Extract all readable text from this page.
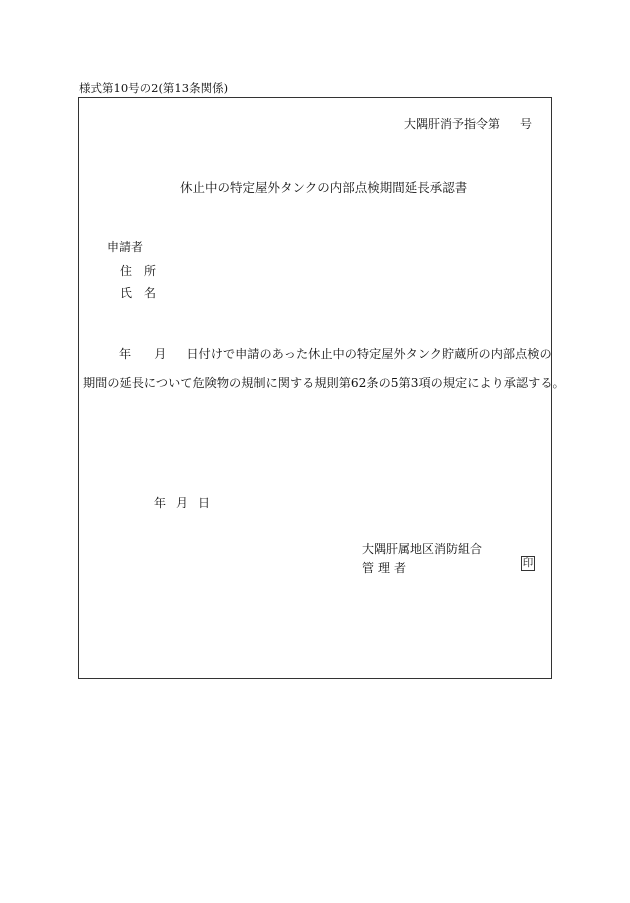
様式第10号の2(第13条関係)
大隅肝消予指令第 号
休止中の特定屋外タンクの内部点検期間延長承認書
申請者
住　所
氏　名
年 月 日付けで申請のあった休止中の特定屋外タンク貯蔵所の内部点検の
期間の延長について危険物の規制に関する規則第62条の5第3項の規定により承認する。
年 月 日
大隅肝属地区消防組合
管理者	印
